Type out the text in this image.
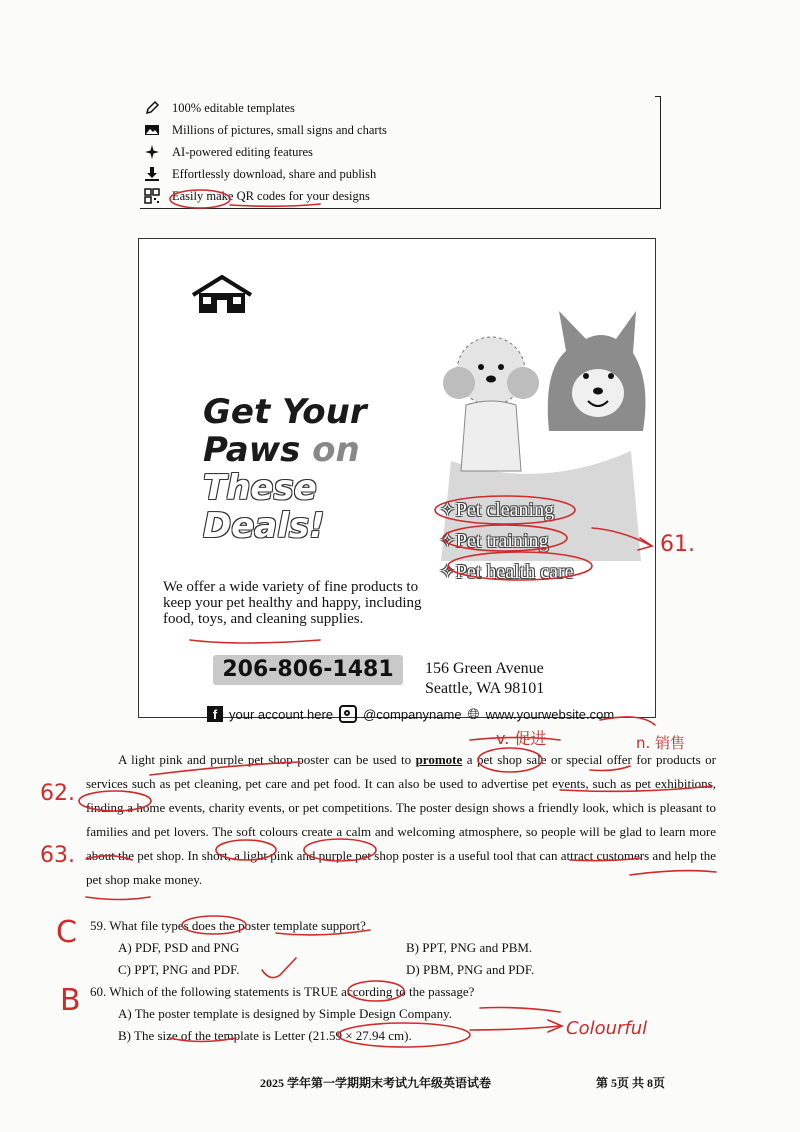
100% editable templates
Millions of pictures, small signs and charts
AI-powered editing features
Effortlessly download, share and publish
Easily make QR codes for your designs
Get Your
Paws on
These
Deals!	✧Pet cleaning
✧Pet training
✧Pet health care
We offer a wide variety of fine products to keep your pet healthy and happy, including food, toys, and cleaning supplies.
206-806-1481	156 Green Avenue
Seattle, WA 98101
f your account here @companyname 🌐︎ www.yourwebsite.com
A light pink and purple pet shop poster can be used to promote a pet shop sale or special offer for products or services such as pet cleaning, pet care and pet food. It can also be used to advertise pet events, such as pet exhibitions, finding a home events, charity events, or pet competitions. The poster design shows a friendly look, which is pleasant to families and pet lovers. The soft colours create a calm and welcoming atmosphere, so people will be glad to learn more about the pet shop. In short, a light pink and purple pet shop poster is a useful tool that can attract customers and help the pet shop make money.
59. What file types does the poster template support?
A) PDF, PSD and PNG	B) PPT, PNG and PBM.
C) PPT, PNG and PDF.	D) PBM, PNG and PDF.
60. Which of the following statements is TRUE according to the passage?
A) The poster template is designed by Simple Design Company.
B) The size of the template is Letter (21.59 × 27.94 cm).
2025 学年第一学期期末考试九年级英语试卷	第 5页 共 8页
61.
62.
63.
v. 促进	n. 销售
C
B
Colourful
